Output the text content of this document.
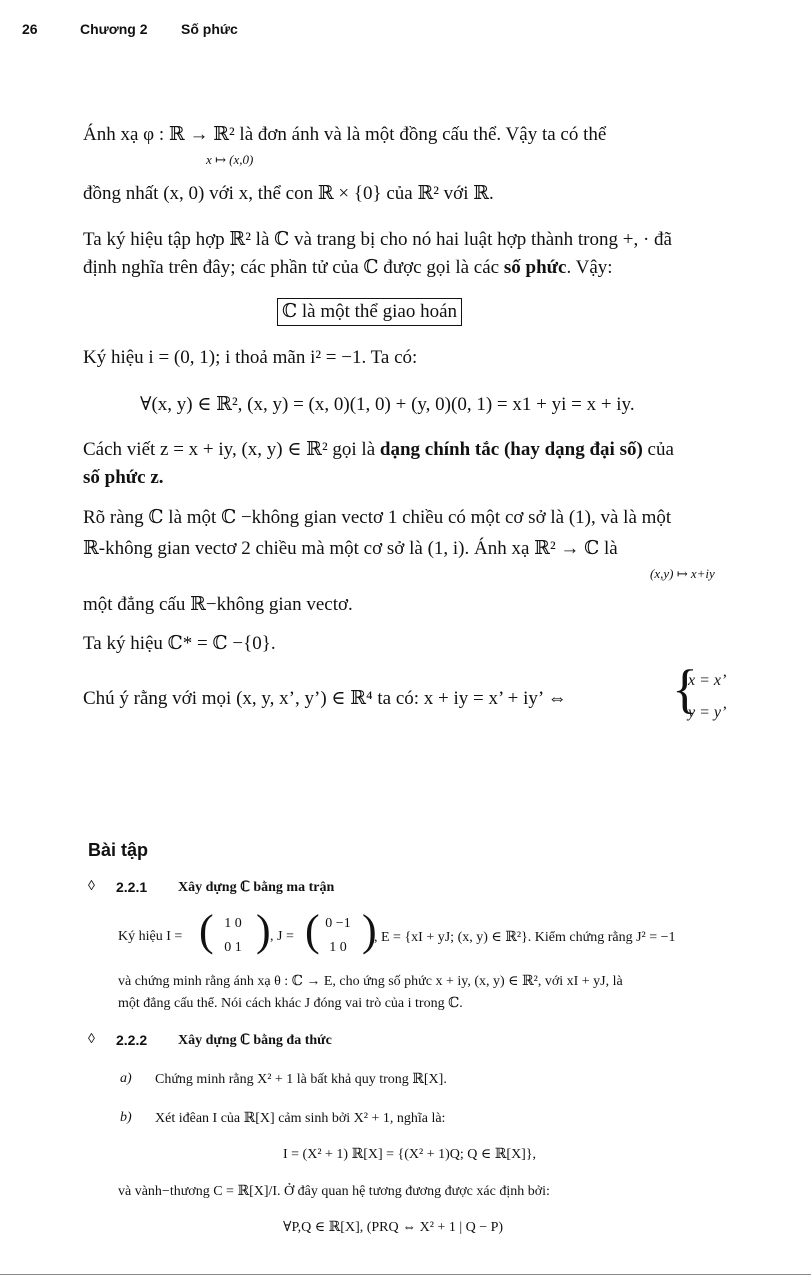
26	Chương 2 Số phức
Ánh xạ φ : ℝ → ℝ² là đơn ánh và là một đồng cấu thể. Vậy ta có thể
x ↦ (x,0)
đồng nhất (x, 0) với x, thể con ℝ × {0} của ℝ² với ℝ.
Ta ký hiệu tập hợp ℝ² là ℂ và trang bị cho nó hai luật hợp thành trong +, · đã
định nghĩa trên đây; các phần tử của ℂ được gọi là các số phức. Vậy:
ℂ là một thể giao hoán
Ký hiệu i = (0, 1); i thoả mãn i² = −1. Ta có:
∀(x, y) ∈ ℝ², (x, y) = (x, 0)(1, 0) + (y, 0)(0, 1) = x1 + yi = x + iy.
Cách viết z = x + iy, (x, y) ∈ ℝ² gọi là dạng chính tắc (hay dạng đại số) của
số phức z.
Rõ ràng ℂ là một ℂ −không gian vectơ 1 chiều có một cơ sở là (1), và là một
ℝ-không gian vectơ 2 chiều mà một cơ sở là (1, i). Ánh xạ ℝ² → ℂ là
(x,y) ↦ x+iy
một đẳng cấu ℝ−không gian vectơ.
Ta ký hiệu ℂ* = ℂ −{0}.
Chú ý rằng với mọi (x, y, x’, y’) ∈ ℝ⁴ ta có: x + iy = x’ + iy’ ⇔ {
x = x’
y = y’
Bài tập
◊ 2.2.1 Xây dựng ℂ bằng ma trận
Ký hiệu I = ( 1 0
0 1 ) , J = ( 0 −1
1 0 )
, E = {xI + yJ; (x, y) ∈ ℝ²}. Kiểm chứng rằng J² = −1
và chứng minh rằng ánh xạ θ : ℂ → E, cho ứng số phức x + iy, (x, y) ∈ ℝ², với xI + yJ, là
một đẳng cấu thể. Nói cách khác J đóng vai trò của i trong ℂ.
◊ 2.2.2 Xây dựng ℂ bằng đa thức
a) Chứng minh rằng X² + 1 là bất khả quy trong ℝ[X].
b) Xét iđêan I của ℝ[X] cảm sinh bởi X² + 1, nghĩa là:
I = (X² + 1) ℝ[X] = {(X² + 1)Q; Q ∈ ℝ[X]},
và vành−thương C = ℝ[X]/I. Ở đây quan hệ tương đương được xác định bởi:
∀P,Q ∈ ℝ[X], (PRQ ⇔ X² + 1 | Q − P)
